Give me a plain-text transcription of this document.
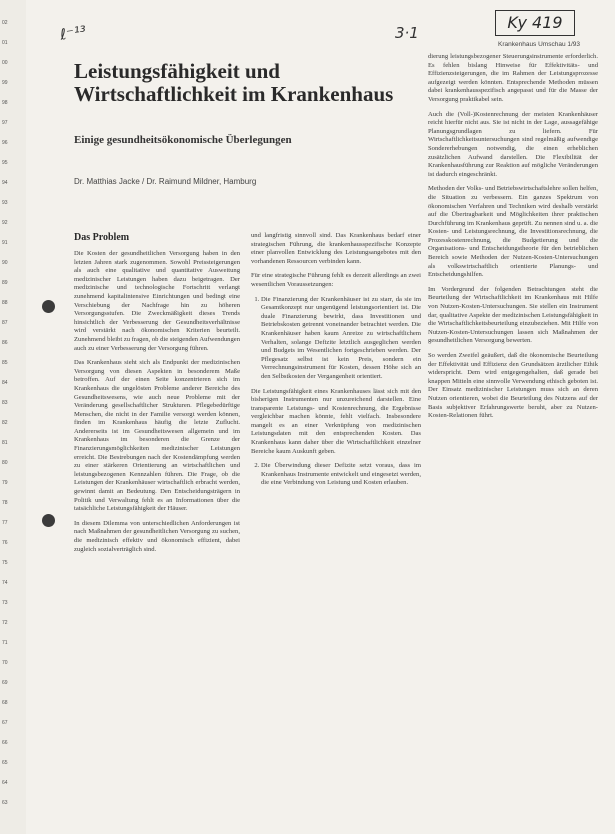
02
01
00
99
98
97
96
95
94
93
92
91
90
89
88
87
86
85
84
83
82
81
80
79
78
77
76
75
74
73
72
71
70
69
68
67
66
65
64
63
ℓ⁻¹³	3·1
Ky 419
Krankenhaus Umschau 1/93
Leistungsfähigkeit und Wirtschaftlichkeit im Krankenhaus
Einige gesundheitsökonomische Überlegungen
Dr. Matthias Jacke / Dr. Raimund Mildner, Hamburg
Das Problem

Die Kosten der gesundheitlichen Versorgung haben in den letzten Jahren stark zugenommen. Sowohl Preissteigerungen als auch eine qualitative und quantitative Ausweitung medizinischer Leistungen haben dazu beigetragen. Der medizinische und technologische Fortschritt verlangt zunehmend kapitalintensive Einrichtungen und bedingt eine Verschiebung der Nachfrage hin zu höheren Versorgungsstufen. Die Zweckmäßigkeit dieses Trends hinsichtlich der Verbesserung der Gesundheitsverhältnisse wird verstärkt nach ökonomischen Kriterien beurteilt. Zunehmend bleibt zu fragen, ob die steigenden Aufwendungen auch zu einer Verbesserung der Versorgung führen.

Das Krankenhaus sieht sich als Endpunkt der medizinischen Versorgung von diesen Aspekten in besonderem Maße betroffen. Auf der einen Seite konzentrieren sich im Krankenhaus die ungelösten Probleme anderer Bereiche des Gesundheitswesens, wie auch neue Probleme mit der Veränderung gesellschaftlicher Strukturen. Pflegebedürftige Menschen, die nicht in der Familie versorgt werden können, finden im Krankenhaus häufig die letzte Zuflucht. Andererseits ist im Gesundheitswesen allgemein und im Krankenhaus im besonderen die Grenze der Finanzierungsmöglichkeiten medizinischer Leistungen erreicht. Die Bestrebungen nach der Kostendämpfung werden zu einer stärkeren Orientierung an wirtschaftlichen und leistungsbezogenen Kennzahlen führen. Die Frage, ob die Leistungen der Krankenhäuser wirtschaftlich erbracht werden, gewinnt damit an Bedeutung. Den Entscheidungsträgern in Politik und Verwaltung fehlt es an Informationen über die tatsächliche Leistungsfähigkeit der Häuser.

In diesem Dilemma von unterschiedlichen Anforderungen ist nach Maßnahmen der gesundheitlichen Versorgung zu suchen, die medizinisch effektiv und ökonomisch effizient, dabei zugleich sozialverträglich sind.

und langfristig sinnvoll sind. Das Krankenhaus bedarf einer strategischen Führung, die krankenhausspezifische Konzepte einer planvollen Entwicklung des Leistungsangebotes mit den vorhandenen Ressourcen verbinden kann.

Für eine strategische Führung fehlt es derzeit allerdings an zwei wesentlichen Voraussetzungen:

1. Die Finanzierung der Krankenhäuser ist zu starr, da sie im Gesamtkonzept nur ungenügend leistungsorientiert ist. Die duale Finanzierung bewirkt, dass Investitionen und Betriebskosten getrennt voneinander betrachtet werden. Die Krankenhäuser haben kaum Anreize zu wirtschaftlichem Verhalten, solange Defizite letztlich ausgeglichen werden und Budgets im Wesentlichen fortgeschrieben werden. Der Pflegesatz selbst ist kein Preis, sondern ein Verrechnungsinstrument für Kosten, dessen Höhe sich an den Selbstkosten der Vergangenheit orientiert.

Die Leistungsfähigkeit eines Krankenhauses lässt sich mit den bisherigen Instrumenten nur unzureichend darstellen. Eine transparente Leistungs- und Kostenrechnung, die Ergebnisse vergleichbar machen könnte, fehlt vielfach. Insbesondere mangelt es an einer Verknüpfung von medizinischen Leistungsdaten mit den entsprechenden Kosten. Das Krankenhaus kann daher über die Wirtschaftlichkeit einzelner Bereiche kaum Auskunft geben.

2. Die Überwindung dieser Defizite setzt voraus, dass im Krankenhaus Instrumente entwickelt und eingesetzt werden, die eine Verbindung von Leistung und Kosten erlauben.

dierung leistungsbezogener Steuerungsinstrumente erforderlich. Es fehlen bislang Hinweise für Effektivitäts- und Effizienzsteigerungen, die im Rahmen der Leistungsprozesse aufgezeigt werden könnten. Entsprechende Methoden müssen dabei krankenhausspezifisch angepasst und für die Masse der Versorgung praktikabel sein.

Auch die (Voll-)Kostenrechnung der meisten Krankenhäuser reicht hierfür nicht aus. Sie ist nicht in der Lage, aussagefähige Planungsgrundlagen zu liefern. Für Wirtschaftlichkeitsuntersuchungen sind regelmäßig aufwendige Sondererhebungen notwendig, die einen erheblichen zusätzlichen Aufwand darstellen. Die Flexibilität der Krankenhausführung zur Reaktion auf mögliche Veränderungen ist dadurch eingeschränkt.

Methoden der Volks- und Betriebswirtschaftslehre sollen helfen, die Situation zu verbessern. Ein ganzes Spektrum von ökonomischen Verfahren und Techniken wird deshalb verstärkt auf die Übertragbarkeit und Möglichkeiten ihrer praktischen Durchführung im Krankenhaus geprüft. Zu nennen sind u. a. die Kosten- und Leistungsrechnung, die Investitionsrechnung, die Prozesskostenrechnung, die Budgetierung und die Organisations- und Entscheidungstheorie für den betrieblichen Bereich sowie Methoden der Nutzen-Kosten-Untersuchungen als volkswirtschaftlich orientierte Planungs- und Entscheidungshilfen.

Im Vordergrund der folgenden Betrachtungen steht die Beurteilung der Wirtschaftlichkeit im Krankenhaus mit Hilfe von Nutzen-Kosten-Untersuchungen. Sie stellen ein Instrument dar, qualitative Aspekte der medizinischen Leistungsfähigkeit in die Wirtschaftlichkeitsbeurteilung einzubeziehen. Mit Hilfe von Nutzen-Kosten-Untersuchungen lassen sich Maßnahmen der gesundheitlichen Versorgung bewerten.

So werden Zweifel geäußert, daß die ökonomische Beurteilung der Effektivität und Effizienz den Grundsätzen ärztlicher Ethik widerspricht. Dem wird entgegengehalten, daß gerade bei knappen Mitteln eine sinnvolle Verwendung ethisch geboten ist. Der Einsatz medizinischer Leistungen muss sich an deren Nutzen orientieren, wobei die Beurteilung des Nutzens auf der Basis subjektiver Erfahrungswerte beruht, aber zu Nutzen-Kosten-Relationen führt.
